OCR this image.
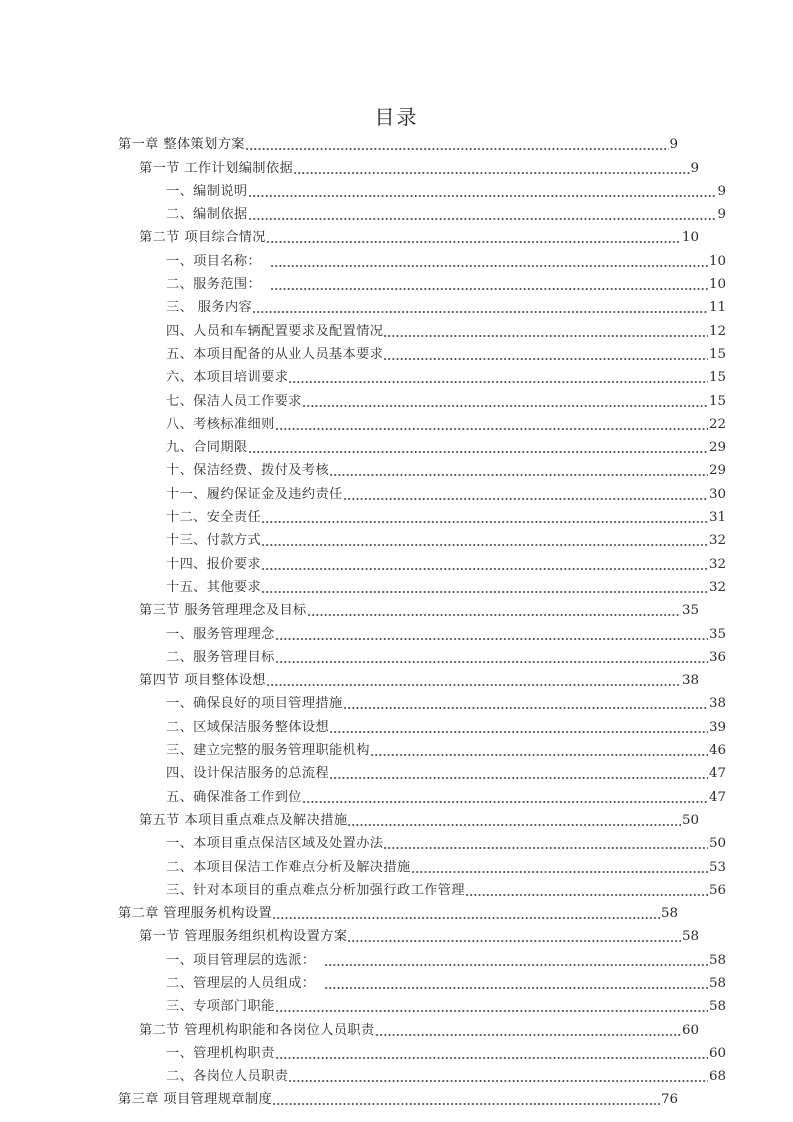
目录
第一章 整体策划方案	9
第一节 工作计划编制依据	9
一、编制说明	9
二、编制依据	9
第二节 项目综合情况	10
一、项目名称：	10
二、服务范围：	10
三、 服务内容	11
四、人员和车辆配置要求及配置情况	12
五、本项目配备的从业人员基本要求	15
六、本项目培训要求	15
七、保洁人员工作要求	15
八、考核标准细则	22
九、合同期限	29
十、保洁经费、拨付及考核	29
十一、履约保证金及违约责任	30
十二、安全责任	31
十三、付款方式	32
十四、报价要求	32
十五、其他要求	32
第三节 服务管理理念及目标	35
一、服务管理理念	35
二、服务管理目标	36
第四节 项目整体设想	38
一、确保良好的项目管理措施	38
二、区域保洁服务整体设想	39
三、建立完整的服务管理职能机构	46
四、设计保洁服务的总流程	47
五、确保准备工作到位	47
第五节 本项目重点难点及解决措施	50
一、本项目重点保洁区域及处置办法	50
二、本项目保洁工作难点分析及解决措施	53
三、针对本项目的重点难点分析加强行政工作管理	56
第二章 管理服务机构设置	58
第一节 管理服务组织机构设置方案	58
一、项目管理层的选派：	58
二、管理层的人员组成：	58
三、专项部门职能	58
第二节 管理机构职能和各岗位人员职责	60
一、管理机构职责	60
二、各岗位人员职责	68
第三章 项目管理规章制度	76
